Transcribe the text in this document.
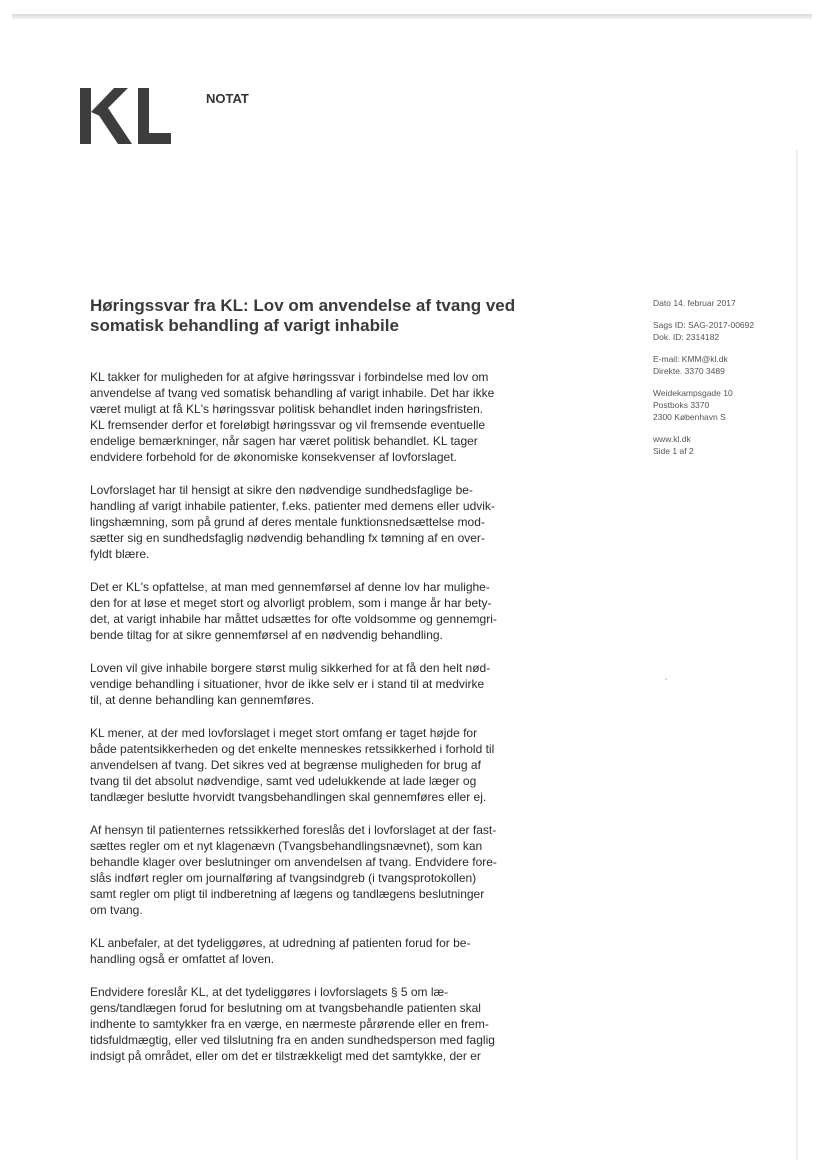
NOTAT
Høringssvar fra KL: Lov om anvendelse af tvang ved
somatisk behandling af varigt inhabile
Dato 14. februar 2017
Sags ID: SAG-2017-00692
Dok. ID: 2314182
E-mail: KMM@kl.dk
Direkte. 3370 3489
Weidekampsgade 10
Postboks 3370
2300 København S
www.kl.dk
Side 1 af 2
KL takker for muligheden for at afgive høringssvar i forbindelse med lov om
anvendelse af tvang ved somatisk behandling af varigt inhabile. Det har ikke
været muligt at få KL's høringssvar politisk behandlet inden høringsfristen.
KL fremsender derfor et foreløbigt høringssvar og vil fremsende eventuelle
endelige bemærkninger, når sagen har været politisk behandlet. KL tager
endvidere forbehold for de økonomiske konsekvenser af lovforslaget.
Lovforslaget har til hensigt at sikre den nødvendige sundhedsfaglige be-
handling af varigt inhabile patienter, f.eks. patienter med demens eller udvik-
lingshæmning, som på grund af deres mentale funktionsnedsættelse mod-
sætter sig en sundhedsfaglig nødvendig behandling fx tømning af en over-
fyldt blære.
Det er KL's opfattelse, at man med gennemførsel af denne lov har mulighe-
den for at løse et meget stort og alvorligt problem, som i mange år har bety-
det, at varigt inhabile har måttet udsættes for ofte voldsomme og gennemgri-
bende tiltag for at sikre gennemførsel af en nødvendig behandling.
Loven vil give inhabile borgere størst mulig sikkerhed for at få den helt nød-
vendige behandling i situationer, hvor de ikke selv er i stand til at medvirke
til, at denne behandling kan gennemføres.
KL mener, at der med lovforslaget i meget stort omfang er taget højde for
både patentsikkerheden og det enkelte menneskes retssikkerhed i forhold til
anvendelsen af tvang. Det sikres ved at begrænse muligheden for brug af
tvang til det absolut nødvendige, samt ved udelukkende at lade læger og
tandlæger beslutte hvorvidt tvangsbehandlingen skal gennemføres eller ej.
Af hensyn til patienternes retssikkerhed foreslås det i lovforslaget at der fast-
sættes regler om et nyt klagenævn (Tvangsbehandlingsnævnet), som kan
behandle klager over beslutninger om anvendelsen af tvang. Endvidere fore-
slås indført regler om journalføring af tvangsindgreb (i tvangsprotokollen)
samt regler om pligt til indberetning af lægens og tandlægens beslutninger
om tvang.
KL anbefaler, at det tydeliggøres, at udredning af patienten forud for be-
handling også er omfattet af loven.
Endvidere foreslår KL, at det tydeliggøres i lovforslagets § 5 om læ-
gens/tandlægen forud for beslutning om at tvangsbehandle patienten skal
indhente to samtykker fra en værge, en nærmeste pårørende eller en frem-
tidsfuldmægtig, eller ved tilslutning fra en anden sundhedsperson med faglig
indsigt på området, eller om det er tilstrækkeligt med det samtykke, der er
